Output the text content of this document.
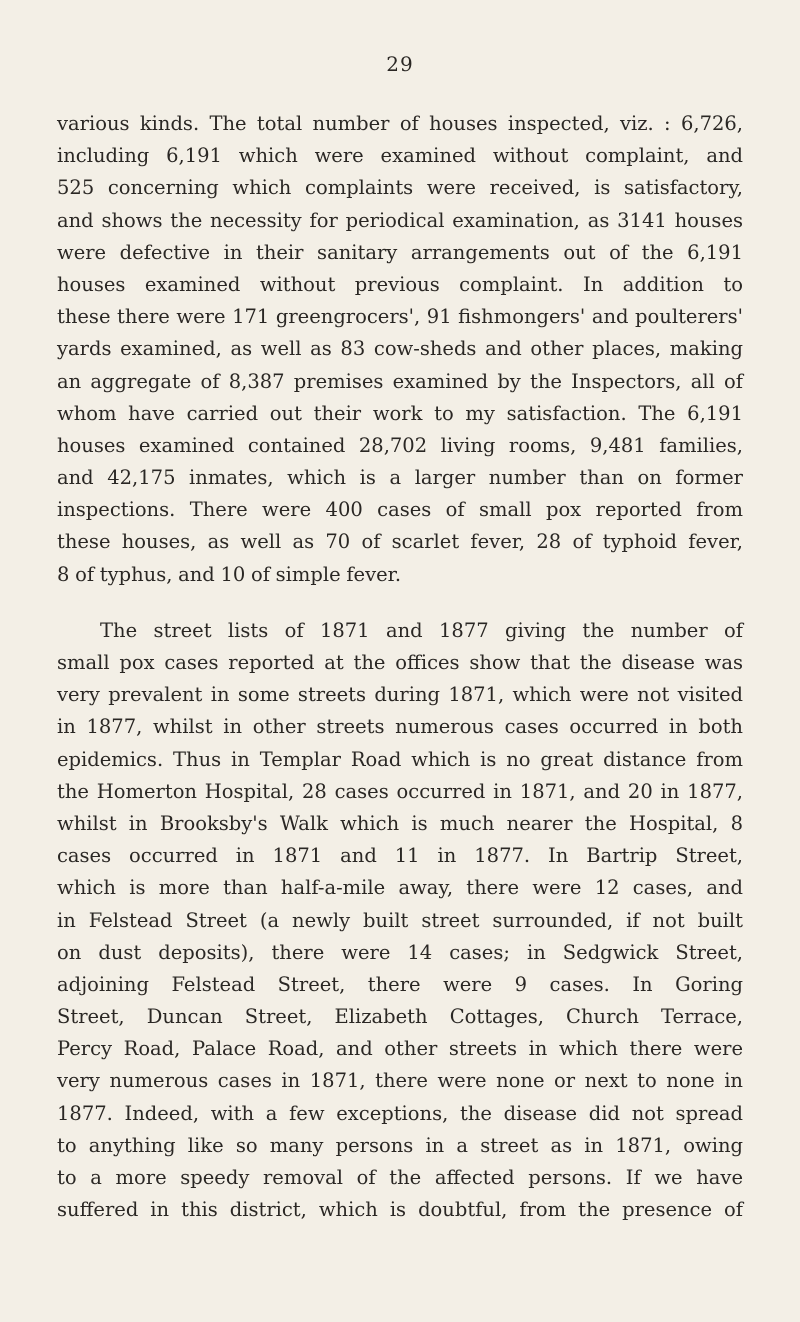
29
various kinds. The total number of houses inspected, viz. : 6,726,
including 6,191 which were examined without complaint, and
525 concerning which complaints were received, is satisfactory,
and shows the necessity for periodical examination, as 3141 houses
were defective in their sanitary arrangements out of the 6,191
houses examined without previous complaint. In addition to
these there were 171 greengrocers', 91 fishmongers' and poulterers'
yards examined, as well as 83 cow-sheds and other places, making
an aggregate of 8,387 premises examined by the Inspectors, all of
whom have carried out their work to my satisfaction. The 6,191
houses examined contained 28,702 living rooms, 9,481 families,
and 42,175 inmates, which is a larger number than on former
inspections. There were 400 cases of small pox reported from
these houses, as well as 70 of scarlet fever, 28 of typhoid fever,
8 of typhus, and 10 of simple fever.
The street lists of 1871 and 1877 giving the number of
small pox cases reported at the offices show that the disease was
very prevalent in some streets during 1871, which were not visited
in 1877, whilst in other streets numerous cases occurred in both
epidemics. Thus in Templar Road which is no great distance from
the Homerton Hospital, 28 cases occurred in 1871, and 20 in 1877,
whilst in Brooksby's Walk which is much nearer the Hospital, 8
cases occurred in 1871 and 11 in 1877. In Bartrip Street,
which is more than half-a-mile away, there were 12 cases, and
in Felstead Street (a newly built street surrounded, if not built
on dust deposits), there were 14 cases; in Sedgwick Street,
adjoining Felstead Street, there were 9 cases. In Goring
Street, Duncan Street, Elizabeth Cottages, Church Terrace,
Percy Road, Palace Road, and other streets in which there were
very numerous cases in 1871, there were none or next to none in
1877. Indeed, with a few exceptions, the disease did not spread
to anything like so many persons in a street as in 1871, owing
to a more speedy removal of the affected persons. If we have
suffered in this district, which is doubtful, from the presence of
